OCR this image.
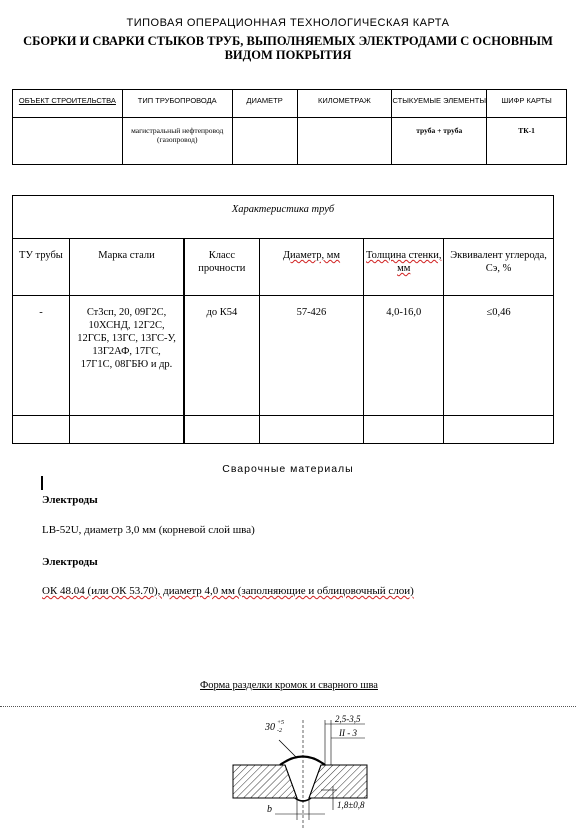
ТИПОВАЯ ОПЕРАЦИОННАЯ ТЕХНОЛОГИЧЕСКАЯ КАРТА
СБОРКИ И СВАРКИ СТЫКОВ ТРУБ, ВЫПОЛНЯЕМЫХ ЭЛЕКТРОДАМИ С ОСНОВНЫМ
ВИДОМ ПОКРЫТИЯ
ОБЪЕКТ СТРОИТЕЛЬСТВА	ТИП ТРУБОПРОВОДА	ДИАМЕТР	КИЛОМЕТРАЖ	СТЫКУЕМЫЕ ЭЛЕМЕНТЫ	ШИФР КАРТЫ
	магистральный нефтепровод (газопровод)			труба + труба	ТК-1
Характеристика труб					
ТУ трубы	Марка стали	Класс прочности	Диаметр, мм	Толщина стенки, мм	Эквивалент углерода, Сэ, %
-	Ст3сп, 20, 09Г2С, 10ХСНД, 12Г2С, 12ГСБ, 13ГС, 13ГС-У, 13Г2АФ, 17ГС, 17Г1С, 08ГБЮ и др.	до К54	57-426	4,0-16,0	≤0,46

Сварочные материалы
Электроды
LB-52U, диаметр 3,0 мм (корневой слой шва)
Электроды
ОК 48.04 (или ОК 53.70), диаметр 4,0 мм (заполняющие и облицовочный слои)
Форма разделки кромок и сварного шва
30 +5
-2
2,5-3,5
II - 3
b	1,8±0,8
